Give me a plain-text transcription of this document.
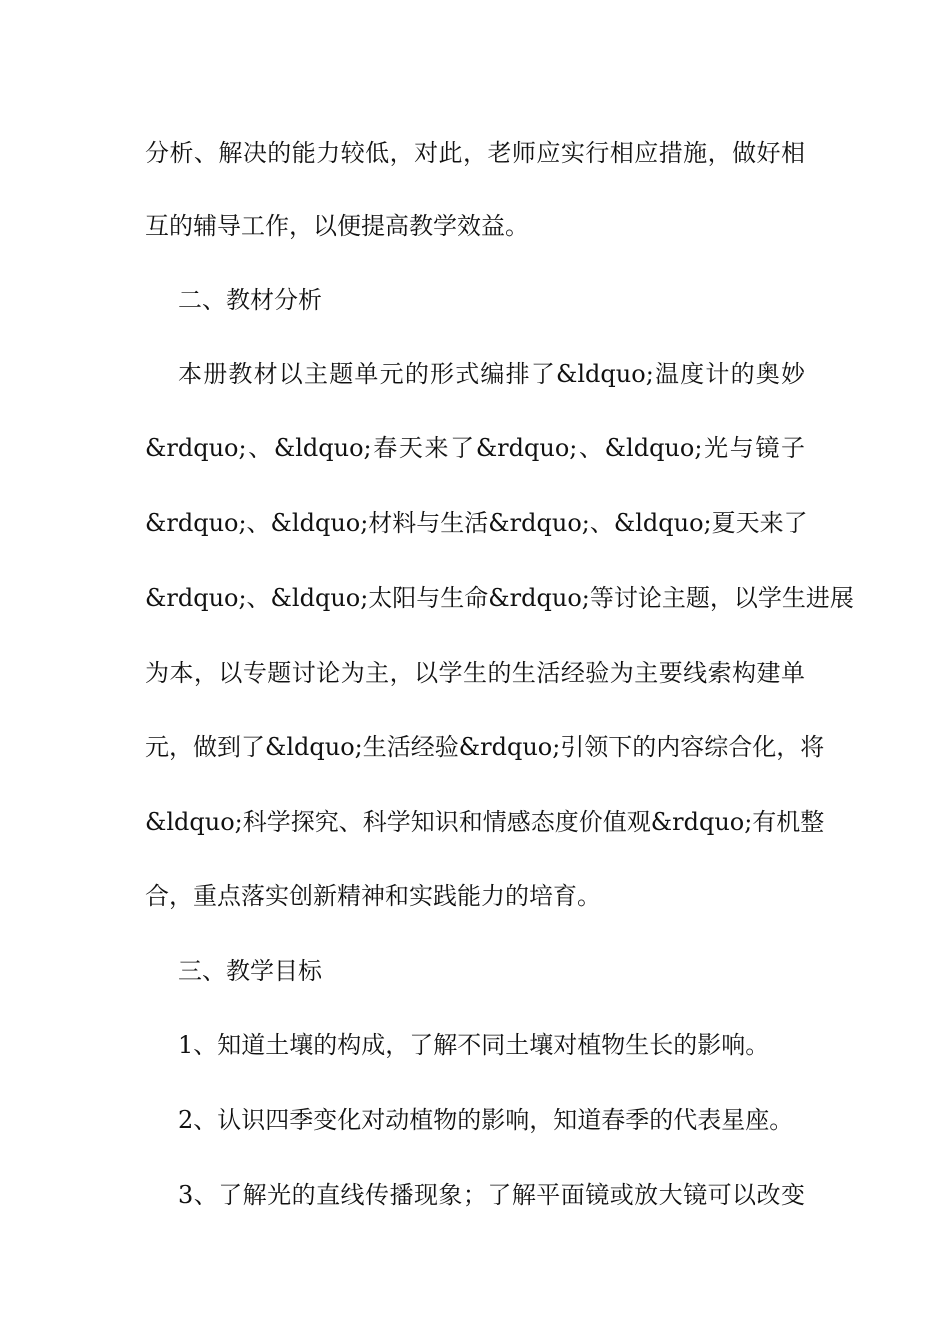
分析、解决的能力较低，对此，老师应实行相应措施，做好相
互的辅导工作，以便提高教学效益。
二、教材分析
本册教材以主题单元的形式编排了&ldquo;温度计的奥妙
&rdquo;、&ldquo;春天来了&rdquo;、&ldquo;光与镜子
&rdquo;、&ldquo;材料与生活&rdquo;、&ldquo;夏天来了
&rdquo;、&ldquo;太阳与生命&rdquo;等讨论主题，以学生进展
为本，以专题讨论为主，以学生的生活经验为主要线索构建单
元，做到了&ldquo;生活经验&rdquo;引领下的内容综合化，将
&ldquo;科学探究、科学知识和情感态度价值观&rdquo;有机整
合，重点落实创新精神和实践能力的培育。
三、教学目标
1、知道土壤的构成，了解不同土壤对植物生长的影响。
2、认识四季变化对动植物的影响，知道春季的代表星座。
3、了解光的直线传播现象；了解平面镜或放大镜可以改变
